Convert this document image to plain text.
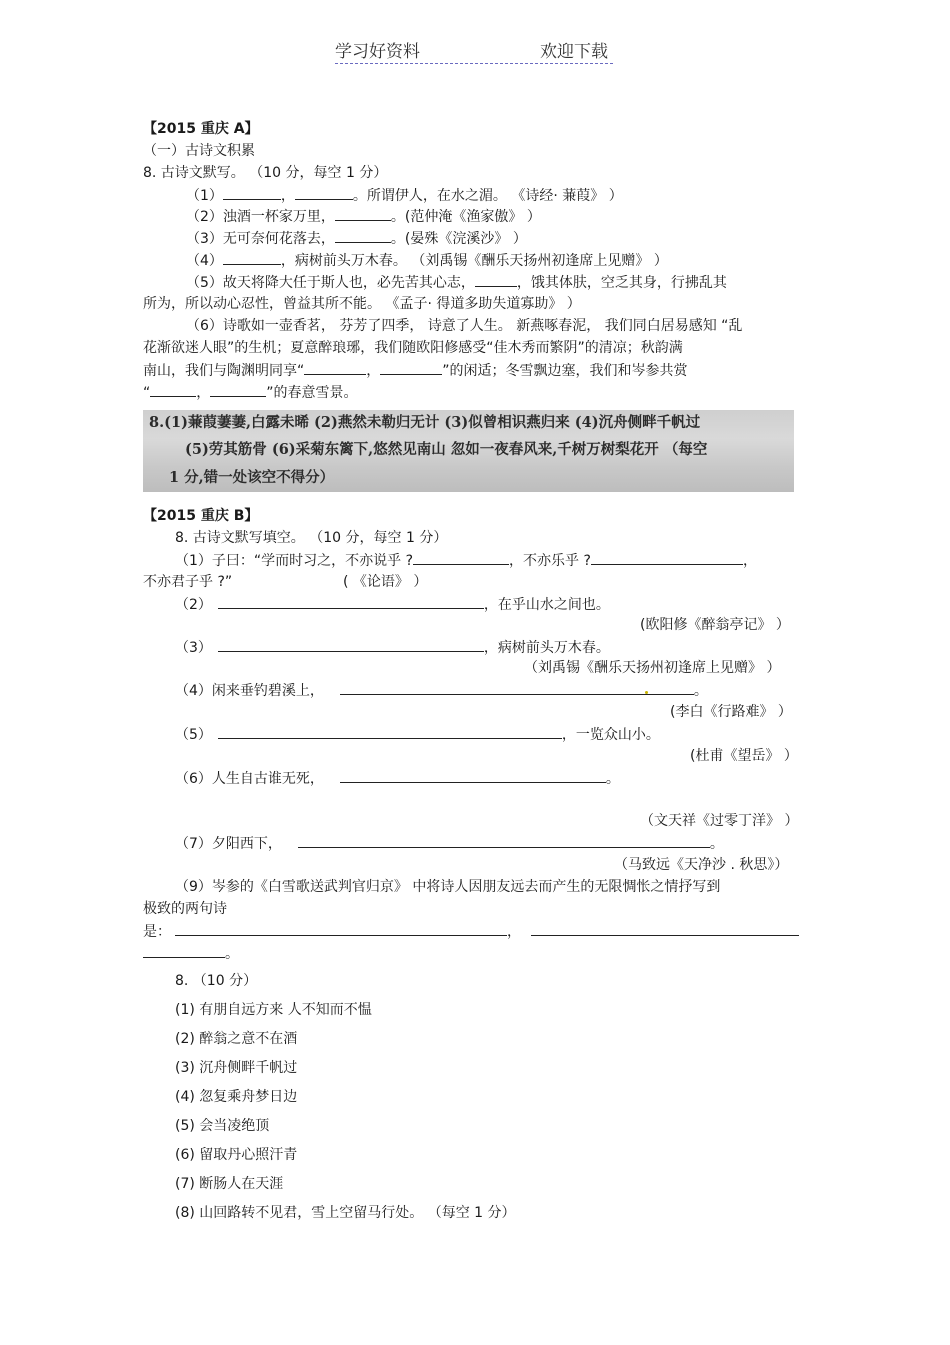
学习好资料	欢迎下载
【2015 重庆 A】
（一）古诗文积累
8. 古诗文默写。 （10 分，每空 1 分）
（1）	，	。所谓伊人，在水之湄。 《诗经· 蒹葭》 ）
（2）浊酒一杯家万里，	。(范仲淹《渔家傲》 ）
（3）无可奈何花落去，	。(晏殊《浣溪沙》 ）
（4）	，病树前头万木春。 （刘禹锡《酬乐天扬州初逢席上见赠》 ）
（5）故天将降大任于斯人也，必先苦其心志，	，饿其体肤，空乏其身，行拂乱其
所为，所以动心忍性，曾益其所不能。 《孟子· 得道多助失道寡助》 ）
（6）诗歌如一壶香茗， 芬芳了四季， 诗意了人生。 新燕啄春泥， 我们同白居易感知 “乱
花渐欲迷人眼”的生机；夏意醉琅琊，我们随欧阳修感受“佳木秀而繁阴”的清凉；秋韵满
南山，我们与陶渊明同享“	，	”的闲适；冬雪飘边塞，我们和岑参共赏
“	，	”的春意雪景。
8.(1)蒹葭萋萋,白露未晞 (2)燕然未勒归无计 (3)似曾相识燕归来 (4)沉舟侧畔千帆过
(5)劳其筋骨 (6)采菊东篱下,悠然见南山 忽如一夜春风来,千树万树梨花开 （每空
1 分,错一处该空不得分）
【2015 重庆 B】
8. 古诗文默写填空。 （10 分，每空 1 分）
（1）子曰：“学而时习之，不亦说乎 ?	，不亦乐乎 ?	，
不亦君子乎 ?”	( 《论语》 ）
（2）	，在乎山水之间也。
(欧阳修《醉翁亭记》 ）
（3）	，病树前头万木春。
（刘禹锡《酬乐天扬州初逢席上见赠》 ）
（4）闲来垂钓碧溪上，	。
(李白《行路难》 ）
（5）	，一览众山小。
(杜甫《望岳》 ）
（6）人生自古谁无死，	。
（文天祥《过零丁洋》 ）
（7）夕阳西下，	。
（马致远《天净沙 . 秋思》）
（9）岑参的《白雪歌送武判官归京》 中将诗人因朋友远去而产生的无限惆怅之情抒写到
极致的两句诗
是：	，
。
8. （10 分）
(1) 有朋自远方来 人不知而不愠
(2) 醉翁之意不在酒
(3) 沉舟侧畔千帆过
(4) 忽复乘舟梦日边
(5) 会当凌绝顶
(6) 留取丹心照汗青
(7) 断肠人在天涯
(8) 山回路转不见君，雪上空留马行处。 （每空 1 分）
